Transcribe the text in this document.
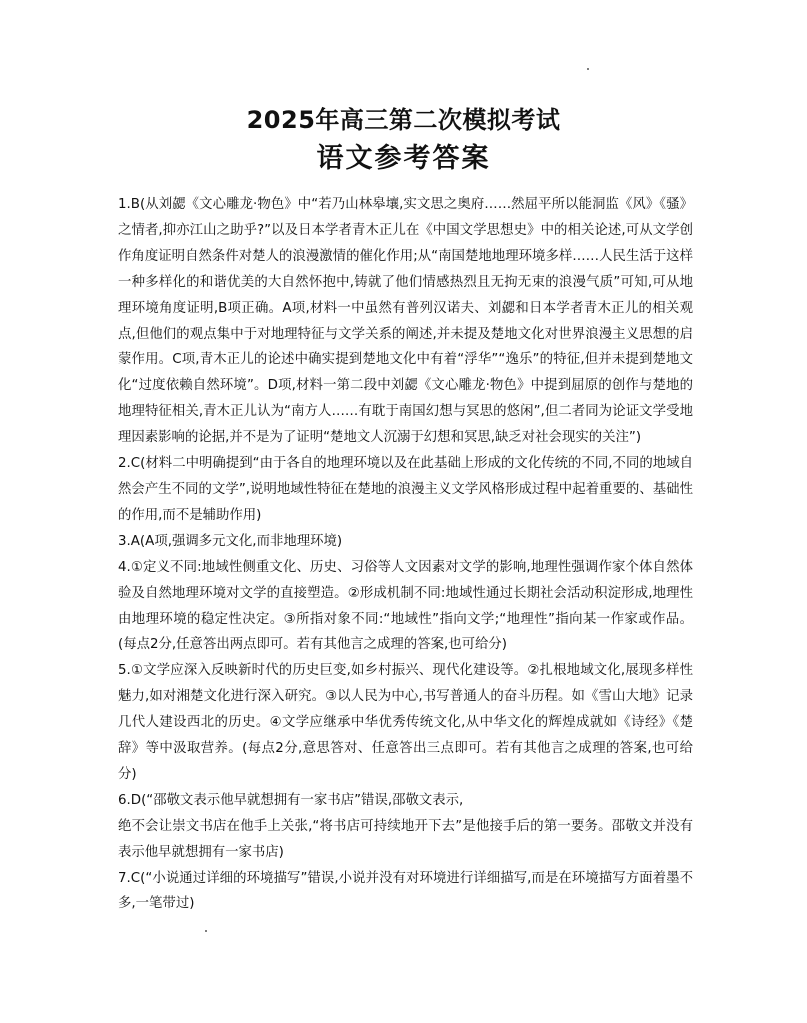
2025年高三第二次模拟考试
语文参考答案

1.B(从刘勰《文心雕龙·物色》中“若乃山林皋壤,实文思之奥府……然屈平所以能洞监《风》《骚》之情者,抑亦江山之助乎?”以及日本学者青木正儿在《中国文学思想史》中的相关论述,可从文学创作角度证明自然条件对楚人的浪漫激情的催化作用;从“南国楚地地理环境多样……人民生活于这样一种多样化的和谐优美的大自然怀抱中,铸就了他们情感热烈且无拘无束的浪漫气质”可知,可从地理环境角度证明,B项正确。A项,材料一中虽然有普列汉诺夫、刘勰和日本学者青木正儿的相关观点,但他们的观点集中于对地理特征与文学关系的阐述,并未提及楚地文化对世界浪漫主义思想的启蒙作用。C项,青木正儿的论述中确实提到楚地文化中有着“浮华”“逸乐”的特征,但并未提到楚地文化“过度依赖自然环境”。D项,材料一第二段中刘勰《文心雕龙·物色》中提到屈原的创作与楚地的地理特征相关,青木正儿认为“南方人……有耽于南国幻想与冥思的悠闲”,但二者同为论证文学受地理因素影响的论据,并不是为了证明“楚地文人沉溺于幻想和冥思,缺乏对社会现实的关注”)

2.C(材料二中明确提到“由于各自的地理环境以及在此基础上形成的文化传统的不同,不同的地域自然会产生不同的文学”,说明地域性特征在楚地的浪漫主义文学风格形成过程中起着重要的、基础性的作用,而不是辅助作用)

3.A(A项,强调多元文化,而非地理环境)

4.①定义不同:地域性侧重文化、历史、习俗等人文因素对文学的影响,地理性强调作家个体自然体验及自然地理环境对文学的直接塑造。②形成机制不同:地域性通过长期社会活动积淀形成,地理性由地理环境的稳定性决定。③所指对象不同:“地域性”指向文学;“地理性”指向某一作家或作品。(每点2分,任意答出两点即可。若有其他言之成理的答案,也可给分)

5.①文学应深入反映新时代的历史巨变,如乡村振兴、现代化建设等。②扎根地域文化,展现多样性魅力,如对湘楚文化进行深入研究。③以人民为中心,书写普通人的奋斗历程。如《雪山大地》记录几代人建设西北的历史。④文学应继承中华优秀传统文化,从中华文化的辉煌成就如《诗经》《楚辞》等中汲取营养。(每点2分,意思答对、任意答出三点即可。若有其他言之成理的答案,也可给分)

6.D(“邵敬文表示他早就想拥有一家书店”错误,邵敬文表示,

绝不会让崇文书店在他手上关张,“将书店可持续地开下去”是他接手后的第一要务。邵敬文并没有表示他早就想拥有一家书店)

7.C(“小说通过详细的环境描写”错误,小说并没有对环境进行详细描写,而是在环境描写方面着墨不多,一笔带过)
